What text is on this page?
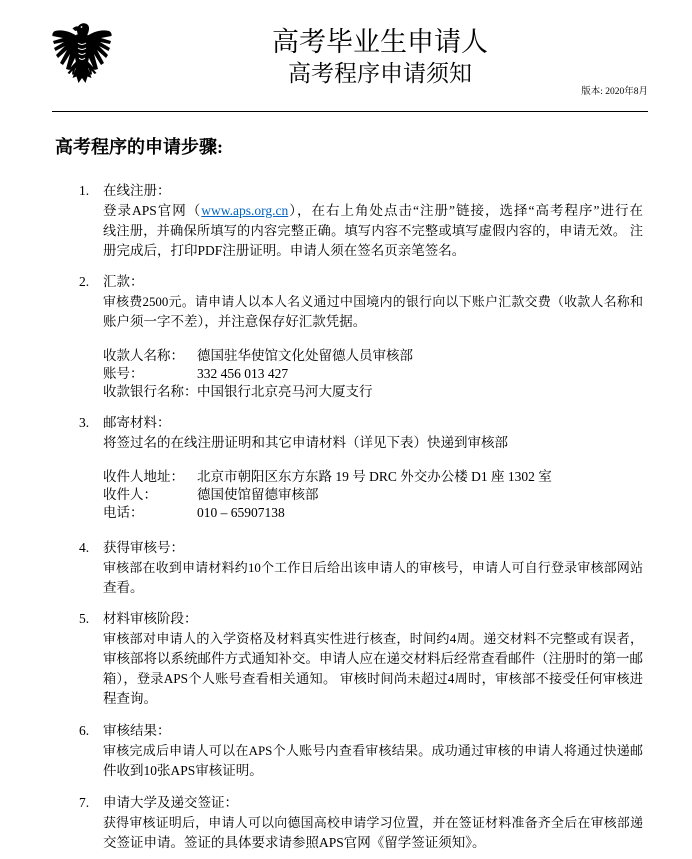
高考毕业生申请人
高考程序申请须知
版本: 2020年8月
高考程序的申请步骤:
1.	在线注册：
登录APS官网（www.aps.org.cn），在右上角处点击“注册”链接，选择“高考程序”进行在
线注册，并确保所填写的内容完整正确。填写内容不完整或填写虚假内容的，申请无效。 注
册完成后，打印PDF注册证明。申请人须在签名页亲笔签名。
2.	汇款：
审核费2500元。请申请人以本人名义通过中国境内的银行向以下账户汇款交费（收款人名称和
账户须一字不差），并注意保存好汇款凭据。
收款人名称： 德国驻华使馆文化处留德人员审核部
账号：	332 456 013 427
收款银行名称： 中国银行北京亮马河大厦支行
3.	邮寄材料：
将签过名的在线注册证明和其它申请材料（详见下表）快递到审核部
收件人地址： 北京市朝阳区东方东路 19 号 DRC 外交办公楼 D1 座 1302 室
收件人：	德国使馆留德审核部
电话：	010 – 65907138
4.	获得审核号：
审核部在收到申请材料约10个工作日后给出该申请人的审核号，申请人可自行登录审核部网站
查看。
5.	材料审核阶段：
审核部对申请人的入学资格及材料真实性进行核查，时间约4周。递交材料不完整或有误者，
审核部将以系统邮件方式通知补交。申请人应在递交材料后经常查看邮件（注册时的第一邮
箱），登录APS个人账号查看相关通知。 审核时间尚未超过4周时，审核部不接受任何审核进
程查询。
6.	审核结果：
审核完成后申请人可以在APS个人账号内查看审核结果。成功通过审核的申请人将通过快递邮
件收到10张APS审核证明。
7.	申请大学及递交签证：
获得审核证明后，申请人可以向德国高校申请学习位置，并在签证材料准备齐全后在审核部递
交签证申请。签证的具体要求请参照APS官网《留学签证须知》。
